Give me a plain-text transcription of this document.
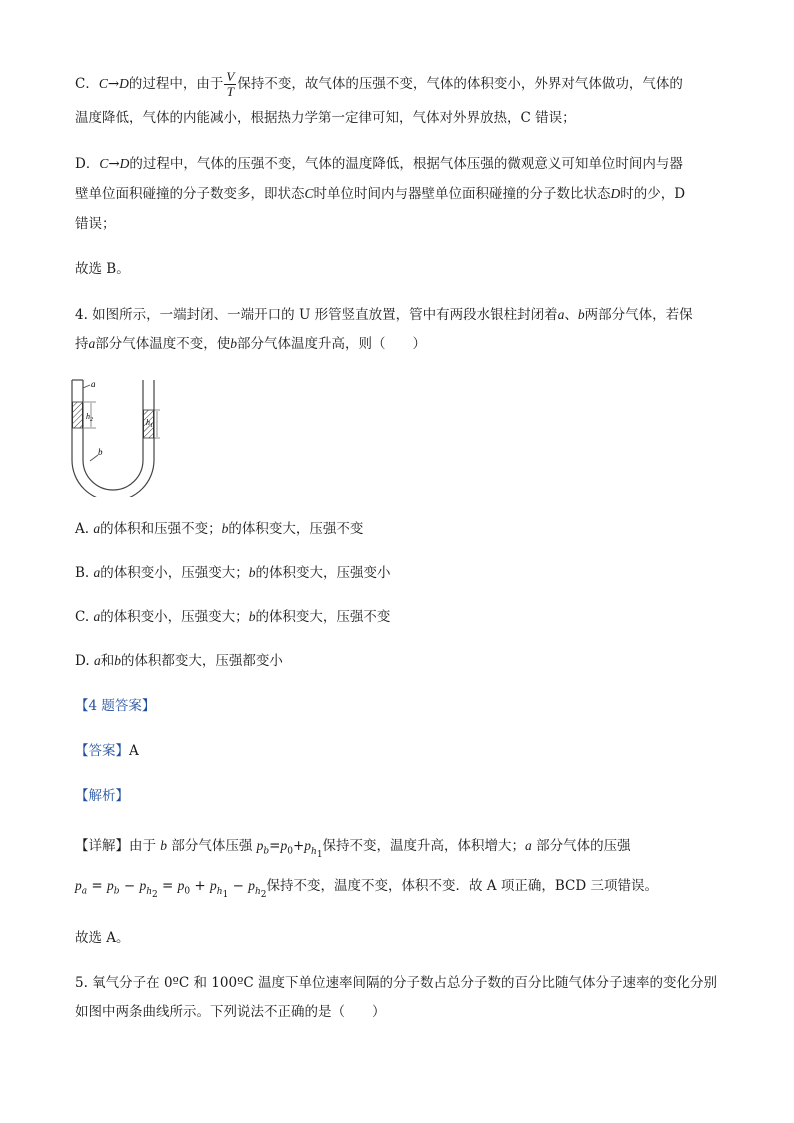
C．C→D的过程中，由于 $\frac{V}{T}$ 保持不变，故气体的压强不变，气体的体积变小，外界对气体做功，气体的
温度降低，气体的内能减小，根据热力学第一定律可知，气体对外界放热，C 错误；
D．C→D的过程中，气体的压强不变，气体的温度降低，根据气体压强的微观意义可知单位时间内与器
壁单位面积碰撞的分子数变多，即状态C时单位时间内与器壁单位面积碰撞的分子数比状态D时的少，D
错误；
故选 B。
4. 如图所示，一端封闭、一端开口的 U 形管竖直放置，管中有两段水银柱封闭着a、b两部分气体，若保
持a部分气体温度不变，使b部分气体温度升高，则（　　）
a
$h_2$	$h_1$
b
A. a的体积和压强不变；b的体积变大，压强不变
B. a的体积变小，压强变大；b的体积变大，压强变小
C. a的体积变小，压强变大；b的体积变大，压强不变
D. a和b的体积都变大，压强都变小
【4 题答案】
【答案】A
【解析】
【详解】由于 b 部分气体压强 $p_b=p_0+p_{h_1}$保持不变，温度升高，体积增大；a 部分气体的压强
$p_a = p_b - p_{h_2} = p_0 + p_{h_1} - p_{h_2}$保持不变，温度不变，体积不变．故 A 项正确，BCD 三项错误。
故选 A。
5. 氧气分子在 0ºC 和 100ºC 温度下单位速率间隔的分子数占总分子数的百分比随气体分子速率的变化分别
如图中两条曲线所示。下列说法不正确的是（　　）
